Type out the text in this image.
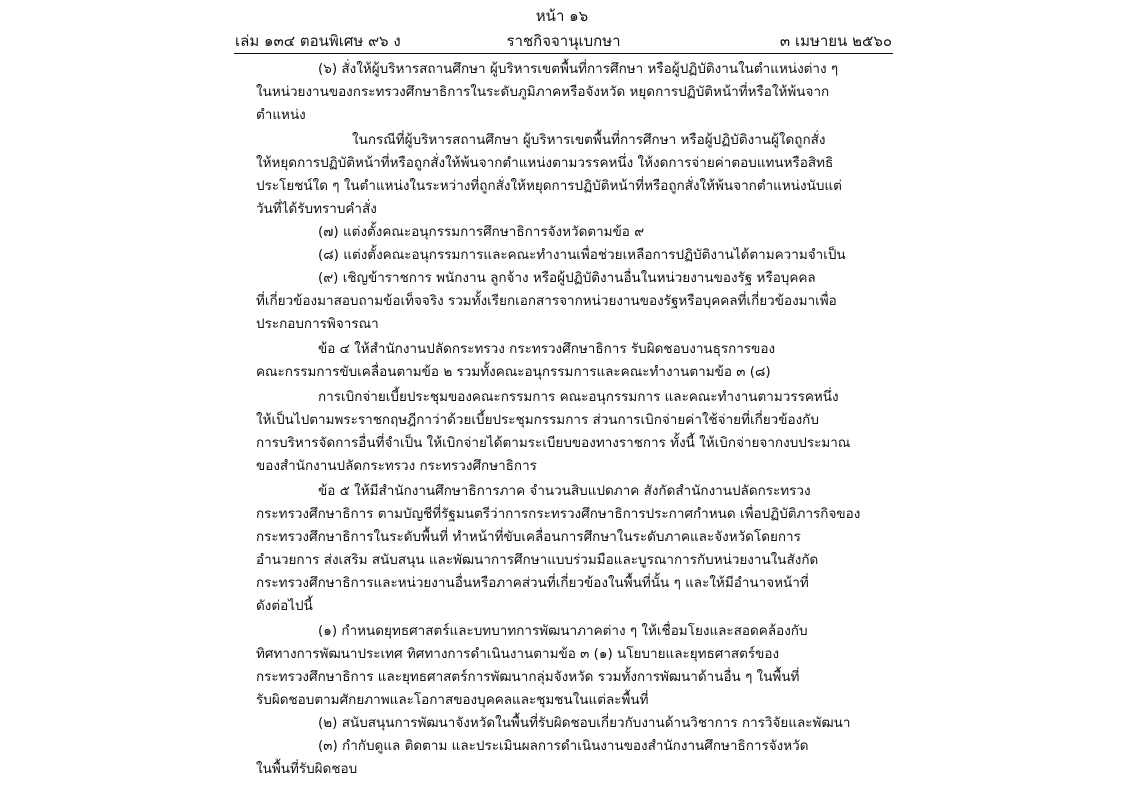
หน้า ๑๖
ราชกิจจานุเบกษา
เล่ม ๑๓๔ ตอนพิเศษ ๙๖ ง	๓ เมษายน ๒๕๖๐

(๖) สั่งให้ผู้บริหารสถานศึกษา ผู้บริหารเขตพื้นที่การศึกษา หรือผู้ปฏิบัติงานในตำแหน่งต่าง ๆ

ในหน่วยงานของกระทรวงศึกษาธิการในระดับภูมิภาคหรือจังหวัด หยุดการปฏิบัติหน้าที่หรือให้พ้นจาก

ตำแหน่ง

ในกรณีที่ผู้บริหารสถานศึกษา ผู้บริหารเขตพื้นที่การศึกษา หรือผู้ปฏิบัติงานผู้ใดถูกสั่ง

ให้หยุดการปฏิบัติหน้าที่หรือถูกสั่งให้พ้นจากตำแหน่งตามวรรคหนึ่ง ให้งดการจ่ายค่าตอบแทนหรือสิทธิ

ประโยชน์ใด ๆ ในตำแหน่งในระหว่างที่ถูกสั่งให้หยุดการปฏิบัติหน้าที่หรือถูกสั่งให้พ้นจากตำแหน่งนับแต่

วันที่ได้รับทราบคำสั่ง

(๗) แต่งตั้งคณะอนุกรรมการศึกษาธิการจังหวัดตามข้อ ๙

(๘) แต่งตั้งคณะอนุกรรมการและคณะทำงานเพื่อช่วยเหลือการปฏิบัติงานได้ตามความจำเป็น

(๙) เชิญข้าราชการ พนักงาน ลูกจ้าง หรือผู้ปฏิบัติงานอื่นในหน่วยงานของรัฐ หรือบุคคล

ที่เกี่ยวข้องมาสอบถามข้อเท็จจริง รวมทั้งเรียกเอกสารจากหน่วยงานของรัฐหรือบุคคลที่เกี่ยวข้องมาเพื่อ

ประกอบการพิจารณา

ข้อ ๔ ให้สำนักงานปลัดกระทรวง กระทรวงศึกษาธิการ รับผิดชอบงานธุรการของ

คณะกรรมการขับเคลื่อนตามข้อ ๒ รวมทั้งคณะอนุกรรมการและคณะทำงานตามข้อ ๓ (๘)

การเบิกจ่ายเบี้ยประชุมของคณะกรรมการ คณะอนุกรรมการ และคณะทำงานตามวรรคหนึ่ง

ให้เป็นไปตามพระราชกฤษฎีกาว่าด้วยเบี้ยประชุมกรรมการ ส่วนการเบิกจ่ายค่าใช้จ่ายที่เกี่ยวข้องกับ

การบริหารจัดการอื่นที่จำเป็น ให้เบิกจ่ายได้ตามระเบียบของทางราชการ ทั้งนี้ ให้เบิกจ่ายจากงบประมาณ

ของสำนักงานปลัดกระทรวง กระทรวงศึกษาธิการ

ข้อ ๕ ให้มีสำนักงานศึกษาธิการภาค จำนวนสิบแปดภาค สังกัดสำนักงานปลัดกระทรวง

กระทรวงศึกษาธิการ ตามบัญชีที่รัฐมนตรีว่าการกระทรวงศึกษาธิการประกาศกำหนด เพื่อปฏิบัติภารกิจของ

กระทรวงศึกษาธิการในระดับพื้นที่ ทำหน้าที่ขับเคลื่อนการศึกษาในระดับภาคและจังหวัดโดยการ

อำนวยการ ส่งเสริม สนับสนุน และพัฒนาการศึกษาแบบร่วมมือและบูรณาการกับหน่วยงานในสังกัด

กระทรวงศึกษาธิการและหน่วยงานอื่นหรือภาคส่วนที่เกี่ยวข้องในพื้นที่นั้น ๆ และให้มีอำนาจหน้าที่

ดังต่อไปนี้

(๑) กำหนดยุทธศาสตร์และบทบาทการพัฒนาภาคต่าง ๆ ให้เชื่อมโยงและสอดคล้องกับ

ทิศทางการพัฒนาประเทศ ทิศทางการดำเนินงานตามข้อ ๓ (๑) นโยบายและยุทธศาสตร์ของ

กระทรวงศึกษาธิการ และยุทธศาสตร์การพัฒนากลุ่มจังหวัด รวมทั้งการพัฒนาด้านอื่น ๆ ในพื้นที่

รับผิดชอบตามศักยภาพและโอกาสของบุคคลและชุมชนในแต่ละพื้นที่

(๒) สนับสนุนการพัฒนาจังหวัดในพื้นที่รับผิดชอบเกี่ยวกับงานด้านวิชาการ การวิจัยและพัฒนา

(๓) กำกับดูแล ติดตาม และประเมินผลการดำเนินงานของสำนักงานศึกษาธิการจังหวัด

ในพื้นที่รับผิดชอบ
